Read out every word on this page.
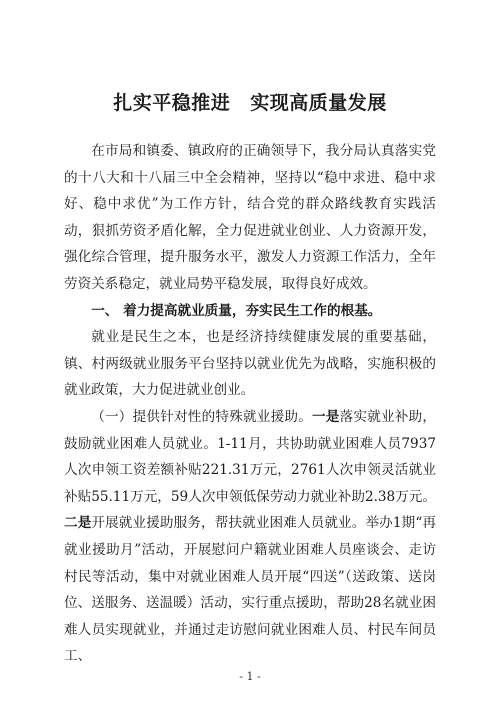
扎实平稳推进 实现高质量发展

在市局和镇委、镇政府的正确领导下，我分局认真落实党的十八大和十八届三中全会精神，坚持以“稳中求进、稳中求好、稳中求优”为工作方针，结合党的群众路线教育实践活动，狠抓劳资矛盾化解，全力促进就业创业、人力资源开发，强化综合管理，提升服务水平，激发人力资源工作活力，全年劳资关系稳定，就业局势平稳发展，取得良好成效。

一、 着力提高就业质量，夯实民生工作的根基。

就业是民生之本，也是经济持续健康发展的重要基础，镇、村两级就业服务平台坚持以就业优先为战略，实施积极的就业政策，大力促进就业创业。

（一）提供针对性的特殊就业援助。一是落实就业补助，鼓励就业困难人员就业。1-11月，共协助就业困难人员7937人次申领工资差额补贴221.31万元，2761人次申领灵活就业补贴55.11万元，59人次申领低保劳动力就业补助2.38万元。二是开展就业援助服务，帮扶就业困难人员就业。举办1期“再就业援助月”活动，开展慰问户籍就业困难人员座谈会、走访村民等活动，集中对就业困难人员开展“四送”（送政策、送岗位、送服务、送温暖）活动，实行重点援助，帮助28名就业困难人员实现就业，并通过走访慰问就业困难人员、村民车间员工、

- 1 -
